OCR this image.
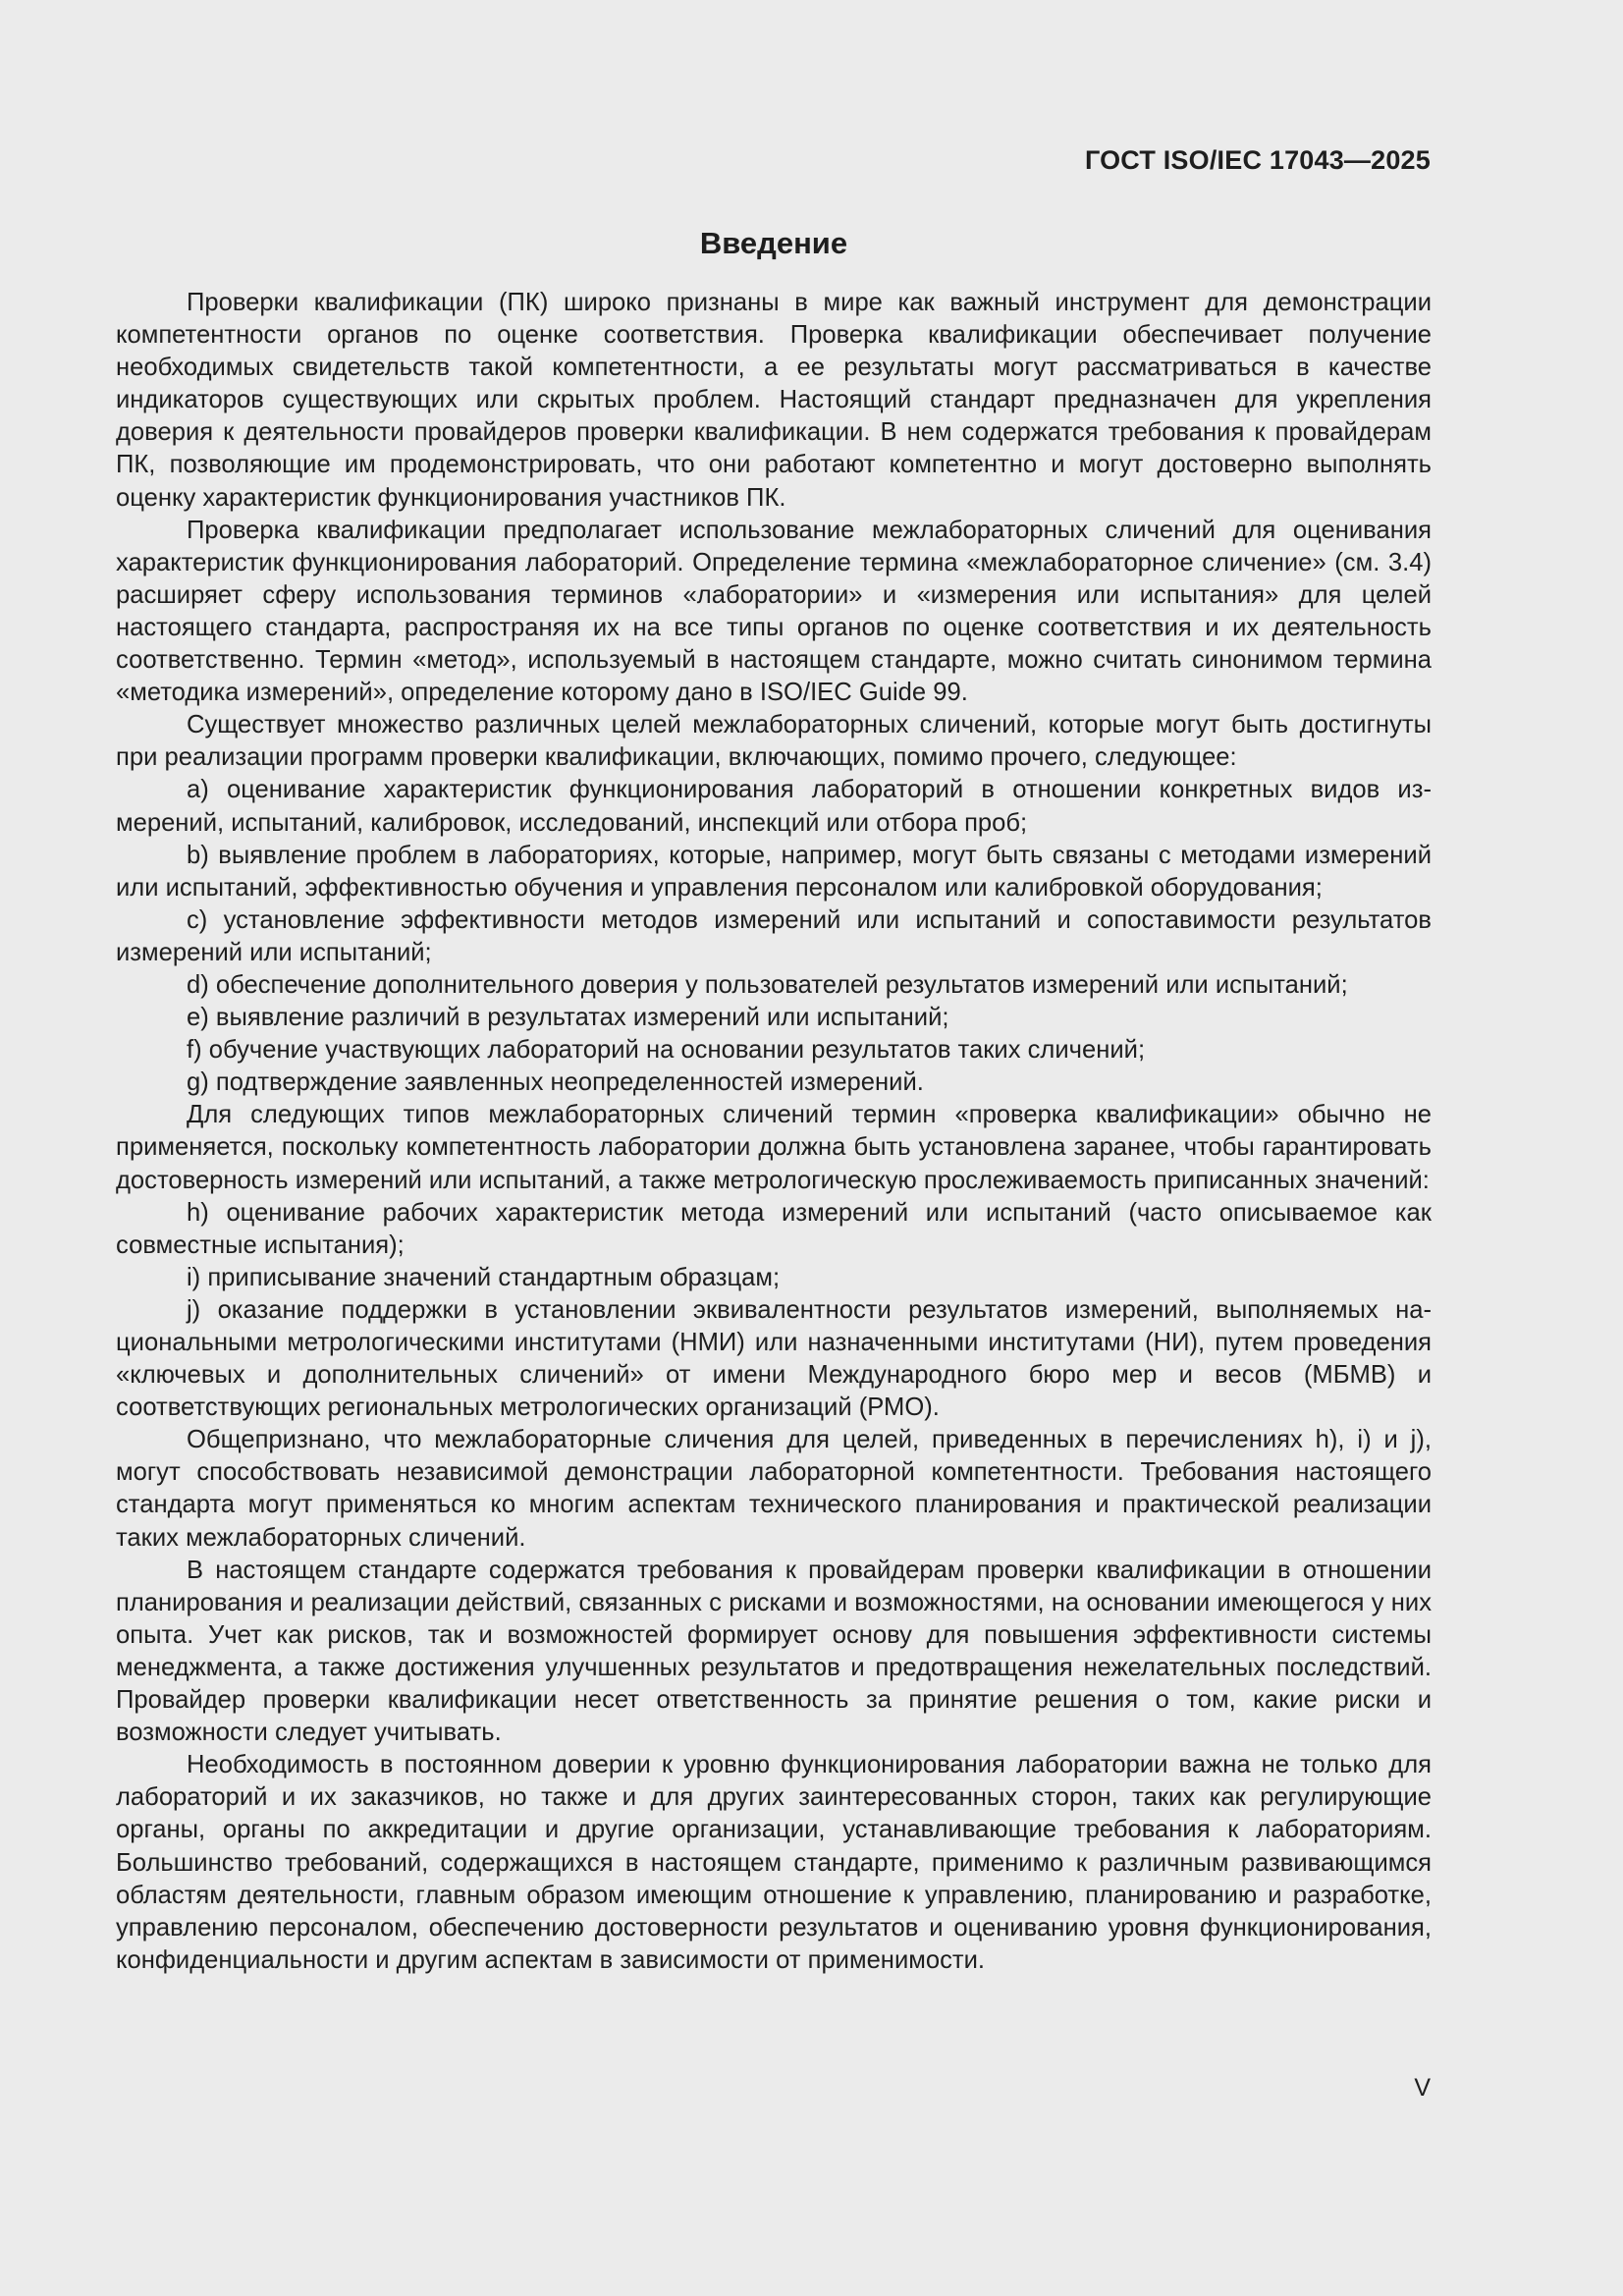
ГОСТ ISO/IEC 17043—2025
Введение

Проверки квалификации (ПК) широко признаны в мире как важный инструмент для демонстрации компетентности органов по оценке соответствия. Проверка квалификации обеспечивает получение необходимых свидетельств такой компетентности, а ее результаты могут рассматриваться в качестве индикаторов существующих или скрытых проблем. Настоящий стандарт предназначен для укрепления доверия к деятельности провайдеров проверки квалификации. В нем содержатся требования к провайдерам ПК, позволяющие им продемонстрировать, что они работают компетентно и могут достоверно выполнять оценку характеристик функционирования участников ПК.

Проверка квалификации предполагает использование межлабораторных сличений для оценивания характеристик функционирования лабораторий. Определение термина «межлабораторное сличение» (см. 3.4) расширяет сферу использования терминов «лаборатории» и «измерения или испытания» для целей настоящего стандарта, распространяя их на все типы органов по оценке соответствия и их деятельность соответственно. Термин «метод», используемый в настоящем стандарте, можно считать синонимом термина «методика измерений», определение которому дано в ISO/IEC Guide 99.

Существует множество различных целей межлабораторных сличений, которые могут быть достигнуты при реализации программ проверки квалификации, включающих, помимо прочего, следующее:

a) оценивание характеристик функционирования лабораторий в отношении конкретных видов измерений, испытаний, калибровок, исследований, инспекций или отбора проб;

b) выявление проблем в лабораториях, которые, например, могут быть связаны с методами измерений или испытаний, эффективностью обучения и управления персоналом или калибровкой оборудования;

c) установление эффективности методов измерений или испытаний и сопоставимости результатов измерений или испытаний;

d) обеспечение дополнительного доверия у пользователей результатов измерений или испытаний;

e) выявление различий в результатах измерений или испытаний;

f) обучение участвующих лабораторий на основании результатов таких сличений;

g) подтверждение заявленных неопределенностей измерений.

Для следующих типов межлабораторных сличений термин «проверка квалификации» обычно не применяется, поскольку компетентность лаборатории должна быть установлена заранее, чтобы гарантировать достоверность измерений или испытаний, а также метрологическую прослеживаемость приписанных значений:

h) оценивание рабочих характеристик метода измерений или испытаний (часто описываемое как совместные испытания);

i) приписывание значений стандартным образцам;

j) оказание поддержки в установлении эквивалентности результатов измерений, выполняемых национальными метрологическими институтами (НМИ) или назначенными институтами (НИ), путем проведения «ключевых и дополнительных сличений» от имени Международного бюро мер и весов (МБМВ) и соответствующих региональных метрологических организаций (РМО).

Общепризнано, что межлабораторные сличения для целей, приведенных в перечислениях h), i) и j), могут способствовать независимой демонстрации лабораторной компетентности. Требования настоящего стандарта могут применяться ко многим аспектам технического планирования и практической реализации таких межлабораторных сличений.

В настоящем стандарте содержатся требования к провайдерам проверки квалификации в отношении планирования и реализации действий, связанных с рисками и возможностями, на основании имеющегося у них опыта. Учет как рисков, так и возможностей формирует основу для повышения эффективности системы менеджмента, а также достижения улучшенных результатов и предотвращения нежелательных последствий. Провайдер проверки квалификации несет ответственность за принятие решения о том, какие риски и возможности следует учитывать.

Необходимость в постоянном доверии к уровню функционирования лаборатории важна не только для лабораторий и их заказчиков, но также и для других заинтересованных сторон, таких как регулирующие органы, органы по аккредитации и другие организации, устанавливающие требования к лабораториям. Большинство требований, содержащихся в настоящем стандарте, применимо к различным развивающимся областям деятельности, главным образом имеющим отношение к управлению, планированию и разработке, управлению персоналом, обеспечению достоверности результатов и оцениванию уровня функционирования, конфиденциальности и другим аспектам в зависимости от применимости.

V
